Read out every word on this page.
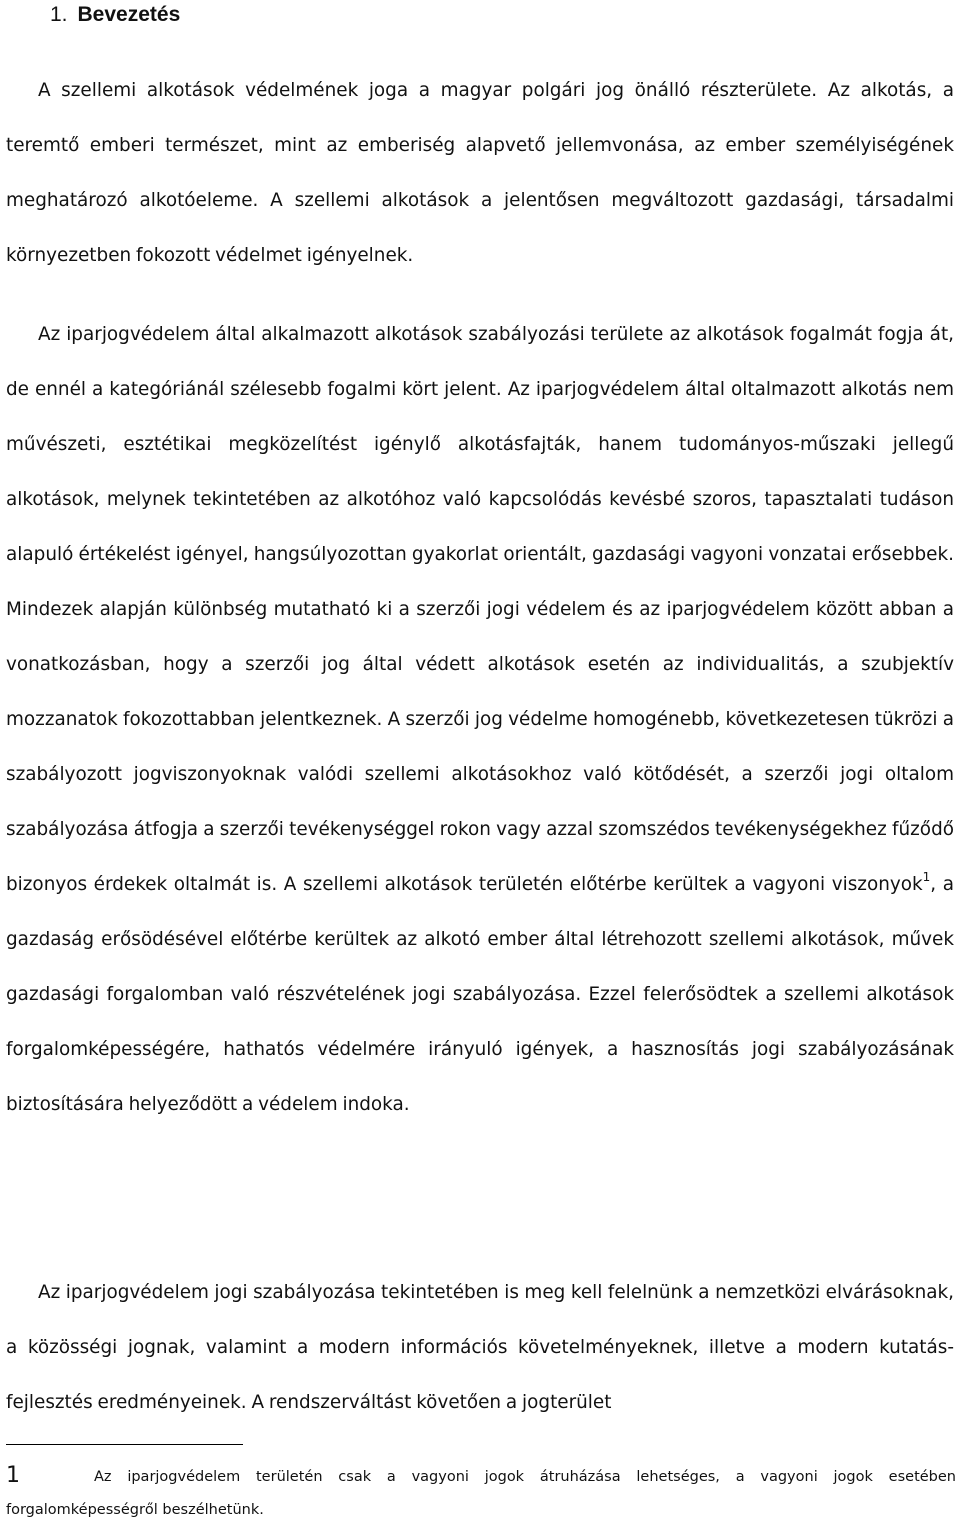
1. Bevezetés

A szellemi alkotások védelmének joga a magyar polgári jog önálló részterülete. Az alkotás, a teremtő emberi természet, mint az emberiség alapvető jellemvonása, az ember személyiségének meghatározó alkotóeleme. A szellemi alkotások a jelentősen megváltozott gazdasági, társadalmi környezetben fokozott védelmet igényelnek.

Az iparjogvédelem által alkalmazott alkotások szabályozási területe az alkotások fogalmát fogja át, de ennél a kategóriánál szélesebb fogalmi kört jelent. Az iparjogvédelem által oltalmazott alkotás nem művészeti, esztétikai megközelítést igénylő alkotásfajták, hanem tudományos-műszaki jellegű alkotások, melynek tekintetében az alkotóhoz való kapcsolódás kevésbé szoros, tapasztalati tudáson alapuló értékelést igényel, hangsúlyozottan gyakorlat orientált, gazdasági vagyoni vonzatai erősebbek. Mindezek alapján különbség mutatható ki a szerzői jogi védelem és az iparjogvédelem között abban a vonatkozásban, hogy a szerzői jog által védett alkotások esetén az individualitás, a szubjektív mozzanatok fokozottabban jelentkeznek. A szerzői jog védelme homogénebb, következetesen tükrözi a szabályozott jogviszonyoknak valódi szellemi alkotásokhoz való kötődését, a szerzői jogi oltalom szabályozása átfogja a szerzői tevékenységgel rokon vagy azzal szomszédos tevékenységekhez fűződő bizonyos érdekek oltalmát is. A szellemi alkotások területén előtérbe kerültek a vagyoni viszonyok$^1$, a gazdaság erősödésével előtérbe kerültek az alkotó ember által létrehozott szellemi alkotások, művek gazdasági forgalomban való részvételének jogi szabályozása. Ezzel felerősödtek a szellemi alkotások forgalomképességére, hathatós védelmére irányuló igények, a hasznosítás jogi szabályozásának biztosítására helyeződött a védelem indoka.

Az iparjogvédelem jogi szabályozása tekintetében is meg kell felelnünk a nemzetközi elvárásoknak, a közösségi jognak, valamint a modern információs követelményeknek, illetve a modern kutatás-fejlesztés eredményeinek. A rendszerváltást követően a jogterület

1	Az iparjogvédelem területén csak a vagyoni jogok átruházása lehetséges, a vagyoni jogok esetében forgalomképességről beszélhetünk.
